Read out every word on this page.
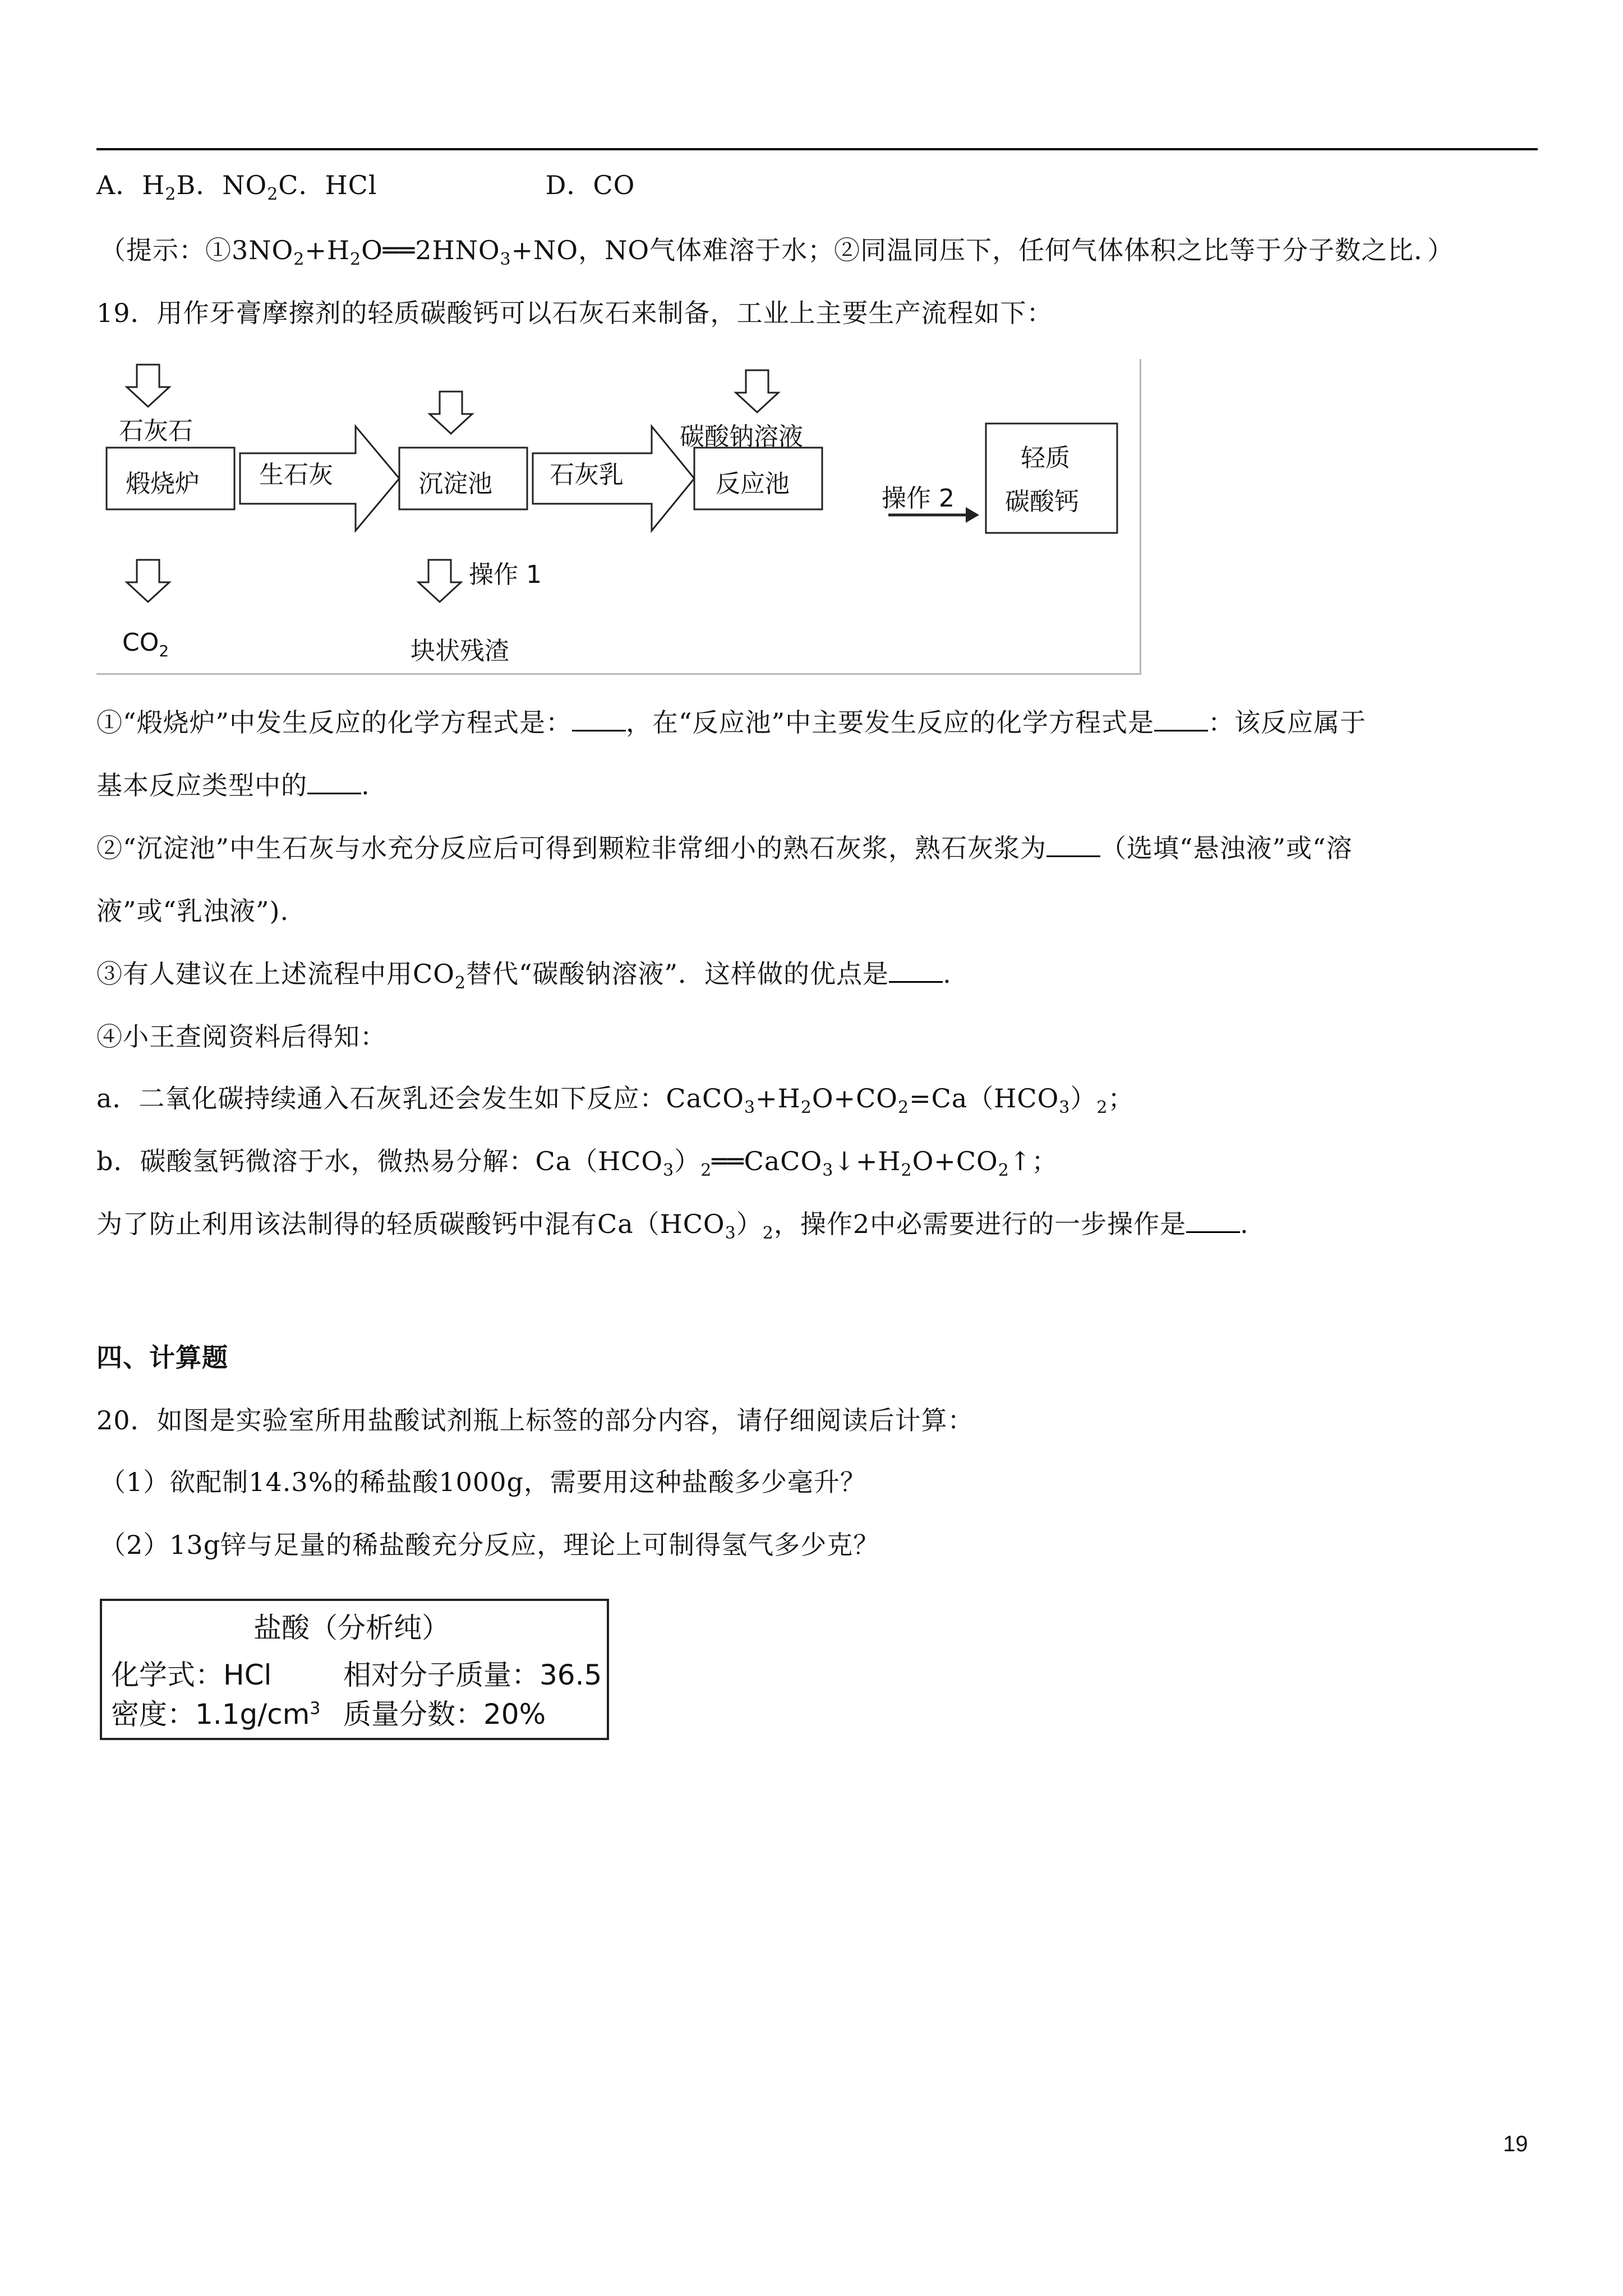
A．$H_2B$．$NO_2C$．HCl	D．CO
（提示：$①3NO_2+H_2O══2HNO_3+NO$，NO气体难溶于水；②同温同压下，任何气体体积之比等于分子数之比．）
19．用作牙膏摩擦剂的轻质碳酸钙可以石灰石来制备，工业上主要生产流程如下：
石灰石
煅烧炉 生石灰	沉淀池 石灰乳
碳酸钠溶液
反应池
操作 2
轻质
碳酸钙
$CO_2$
操作 1
块状残渣
①“煅烧炉”中发生反应的化学方程式是： ，在“反应池”中主要发生反应的化学方程式是 ：该反应属于
基本反应类型中的 .
②“沉淀池”中生石灰与水充分反应后可得到颗粒非常细小的熟石灰浆，熟石灰浆为 （选填“悬浊液”或“溶
液”或“乳浊液”).
③有人建议在上述流程中用$CO_2$替代“碳酸钠溶液”．这样做的优点是 .
④小王查阅资料后得知：
a．二氧化碳持续通入石灰乳还会发生如下反应：$CaCO_3+H_2O+CO_2=Ca(HCO_3)_2$；
b．碳酸氢钙微溶于水，微热易分解：$Ca(HCO_3)_2══CaCO_3↓+H_2O+CO_2↑$；
为了防止利用该法制得的轻质碳酸钙中混有$Ca(HCO_3)_2$，操作2中必需要进行的一步操作是 .
四、计算题
20．如图是实验室所用盐酸试剂瓶上标签的部分内容，请仔细阅读后计算：
（1）欲配制14.3%的稀盐酸1000g，需要用这种盐酸多少毫升？
（2）13g锌与足量的稀盐酸充分反应，理论上可制得氢气多少克？
盐酸（分析纯）
化学式：HCl	相对分子质量：36.5
密度：$1.1g/cm^3$ 质量分数：20%
19
